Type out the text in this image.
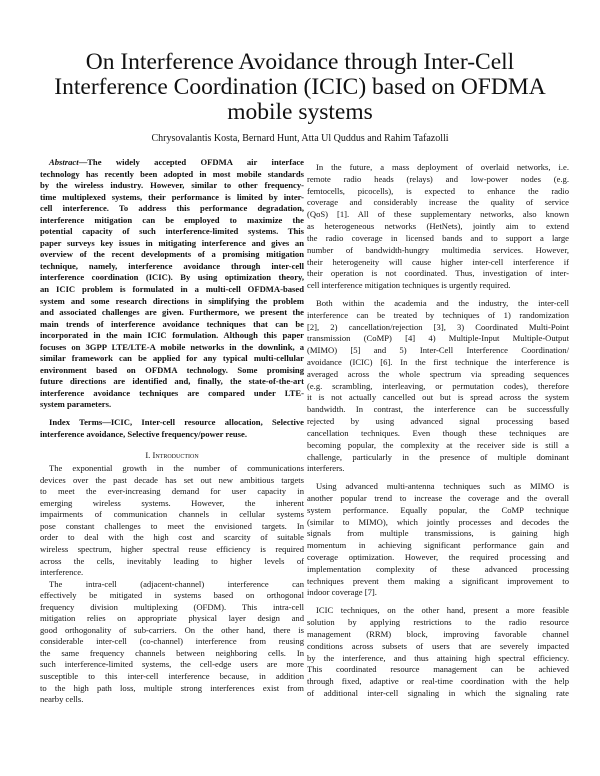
On Interference Avoidance through Inter-Cell
Interference Coordination (ICIC) based on OFDMA
mobile systems
Chrysovalantis Kosta, Bernard Hunt, Atta Ul Quddus and Rahim Tafazolli
Abstract—The widely accepted OFDMA air interface
technology has recently been adopted in most mobile standards
by the wireless industry. However, similar to other frequency-
time multiplexed systems, their performance is limited by inter-
cell interference. To address this performance degradation,
interference mitigation can be employed to maximize the
potential capacity of such interference-limited systems. This
paper surveys key issues in mitigating interference and gives an
overview of the recent developments of a promising mitigation
technique, namely, interference avoidance through inter-cell
interference coordination (ICIC). By using optimization theory,
an ICIC problem is formulated in a multi-cell OFDMA-based
system and some research directions in simplifying the problem
and associated challenges are given. Furthermore, we present the
main trends of interference avoidance techniques that can be
incorporated in the main ICIC formulation. Although this paper
focuses on 3GPP LTE/LTE-A mobile networks in the downlink, a
similar framework can be applied for any typical multi-cellular
environment based on OFDMA technology. Some promising
future directions are identified and, finally, the state-of-the-art
interference avoidance techniques are compared under LTE-
system parameters.
Index Terms—ICIC, Inter-cell resource allocation, Selective
interference avoidance, Selective frequency/power reuse.
I. Introduction
The exponential growth in the number of communications
devices over the past decade has set out new ambitious targets
to meet the ever-increasing demand for user capacity in
emerging wireless systems. However, the inherent
impairments of communication channels in cellular systems
pose constant challenges to meet the envisioned targets. In
order to deal with the high cost and scarcity of suitable
wireless spectrum, higher spectral reuse efficiency is required
across the cells, inevitably leading to higher levels of
interference.
The intra-cell (adjacent-channel) interference can
effectively be mitigated in systems based on orthogonal
frequency division multiplexing (OFDM). This intra-cell
mitigation relies on appropriate physical layer design and
good orthogonality of sub-carriers. On the other hand, there is
considerable inter-cell (co-channel) interference from reusing
the same frequency channels between neighboring cells. In
such interference-limited systems, the cell-edge users are more
susceptible to this inter-cell interference because, in addition
to the high path loss, multiple strong interferences exist from
nearby cells.
In the future, a mass deployment of overlaid networks, i.e.
remote radio heads (relays) and low-power nodes (e.g.
femtocells, picocells), is expected to enhance the radio
coverage and considerably increase the quality of service
(QoS) [1]. All of these supplementary networks, also known
as heterogeneous networks (HetNets), jointly aim to extend
the radio coverage in licensed bands and to support a large
number of bandwidth-hungry multimedia services. However,
their heterogeneity will cause higher inter-cell interference if
their operation is not coordinated. Thus, investigation of inter-
cell interference mitigation techniques is urgently required.
Both within the academia and the industry, the inter-cell
interference can be treated by techniques of 1) randomization
[2], 2) cancellation/rejection [3], 3) Coordinated Multi-Point
transmission (CoMP) [4] 4) Multiple-Input Multiple-Output
(MIMO) [5] and 5) Inter-Cell Interference Coordination/
avoidance (ICIC) [6]. In the first technique the interference is
averaged across the whole spectrum via spreading sequences
(e.g. scrambling, interleaving, or permutation codes), therefore
it is not actually cancelled out but is spread across the system
bandwidth. In contrast, the interference can be successfully
rejected by using advanced signal processing based
cancellation techniques. Even though these techniques are
becoming popular, the complexity at the receiver side is still a
challenge, particularly in the presence of multiple dominant
interferers.
Using advanced multi-antenna techniques such as MIMO is
another popular trend to increase the coverage and the overall
system performance. Equally popular, the CoMP technique
(similar to MIMO), which jointly processes and decodes the
signals from multiple transmissions, is gaining high
momentum in achieving significant performance gain and
coverage optimization. However, the required processing and
implementation complexity of these advanced processing
techniques prevent them making a significant improvement to
indoor coverage [7].
ICIC techniques, on the other hand, present a more feasible
solution by applying restrictions to the radio resource
management (RRM) block, improving favorable channel
conditions across subsets of users that are severely impacted
by the interference, and thus attaining high spectral efficiency.
This coordinated resource management can be achieved
through fixed, adaptive or real-time coordination with the help
of additional inter-cell signaling in which the signaling rate
